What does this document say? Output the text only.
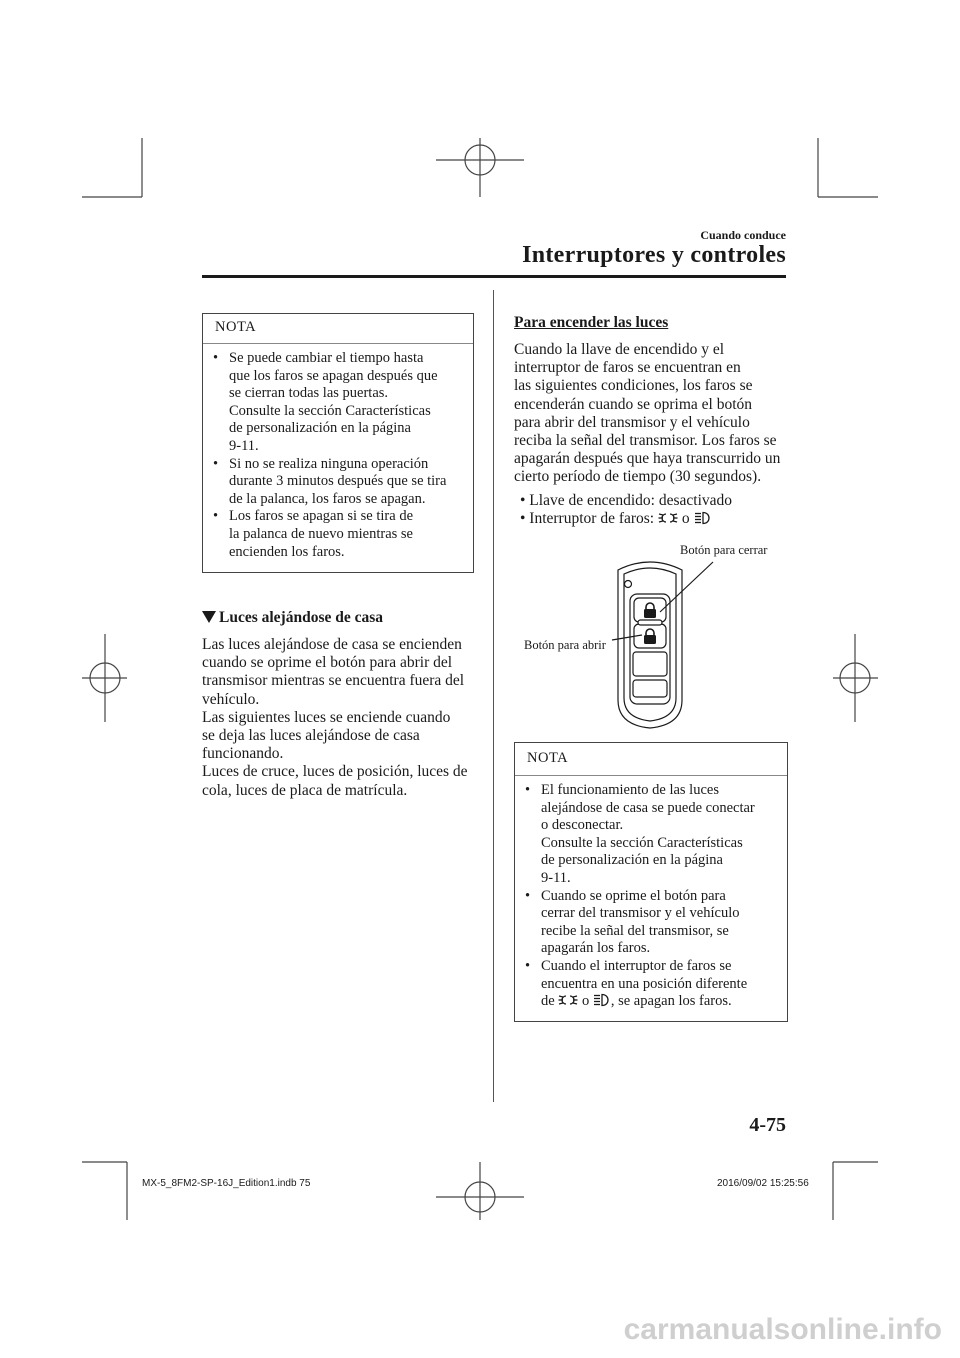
Cuando conduce
Interruptores y controles
NOTA
• Se puede cambiar el tiempo hasta
que los faros se apagan después que
se cierran todas las puertas.
Consulte la sección Características
de personalización en la página
9-11.
• Si no se realiza ninguna operación
durante 3 minutos después que se tira
de la palanca, los faros se apagan.
• Los faros se apagan si se tira de
la palanca de nuevo mientras se
encienden los faros.
Luces alejándose de casa

Las luces alejándose de casa se encienden

cuando se oprime el botón para abrir del

transmisor mientras se encuentra fuera del

vehículo.

Las siguientes luces se enciende cuando

se deja las luces alejándose de casa

funcionando.

Luces de cruce, luces de posición, luces de

cola, luces de placa de matrícula.

Para encender las luces

Cuando la llave de encendido y el

interruptor de faros se encuentran en

las siguientes condiciones, los faros se

encenderán cuando se oprima el botón

para abrir del transmisor y el vehículo

reciba la señal del transmisor. Los faros se

apagarán después que haya transcurrido un

cierto período de tiempo (30 segundos).

• Llave de encendido: desactivado
• Interruptor de faros:  o
Botón para cerrar
Botón para abrir
NOTA
• El funcionamiento de las luces
alejándose de casa se puede conectar
o desconectar.
Consulte la sección Características
de personalización en la página
9-11.
• Cuando se oprime el botón para
cerrar del transmisor y el vehículo
recibe la señal del transmisor, se
apagarán los faros.
• Cuando el interruptor de faros se
encuentra en una posición diferente
de  o , se apagan los faros.
4-75
MX-5_8FM2-SP-16J_Edition1.indb 75	2016/09/02 15:25:56
carmanualsonline.info
